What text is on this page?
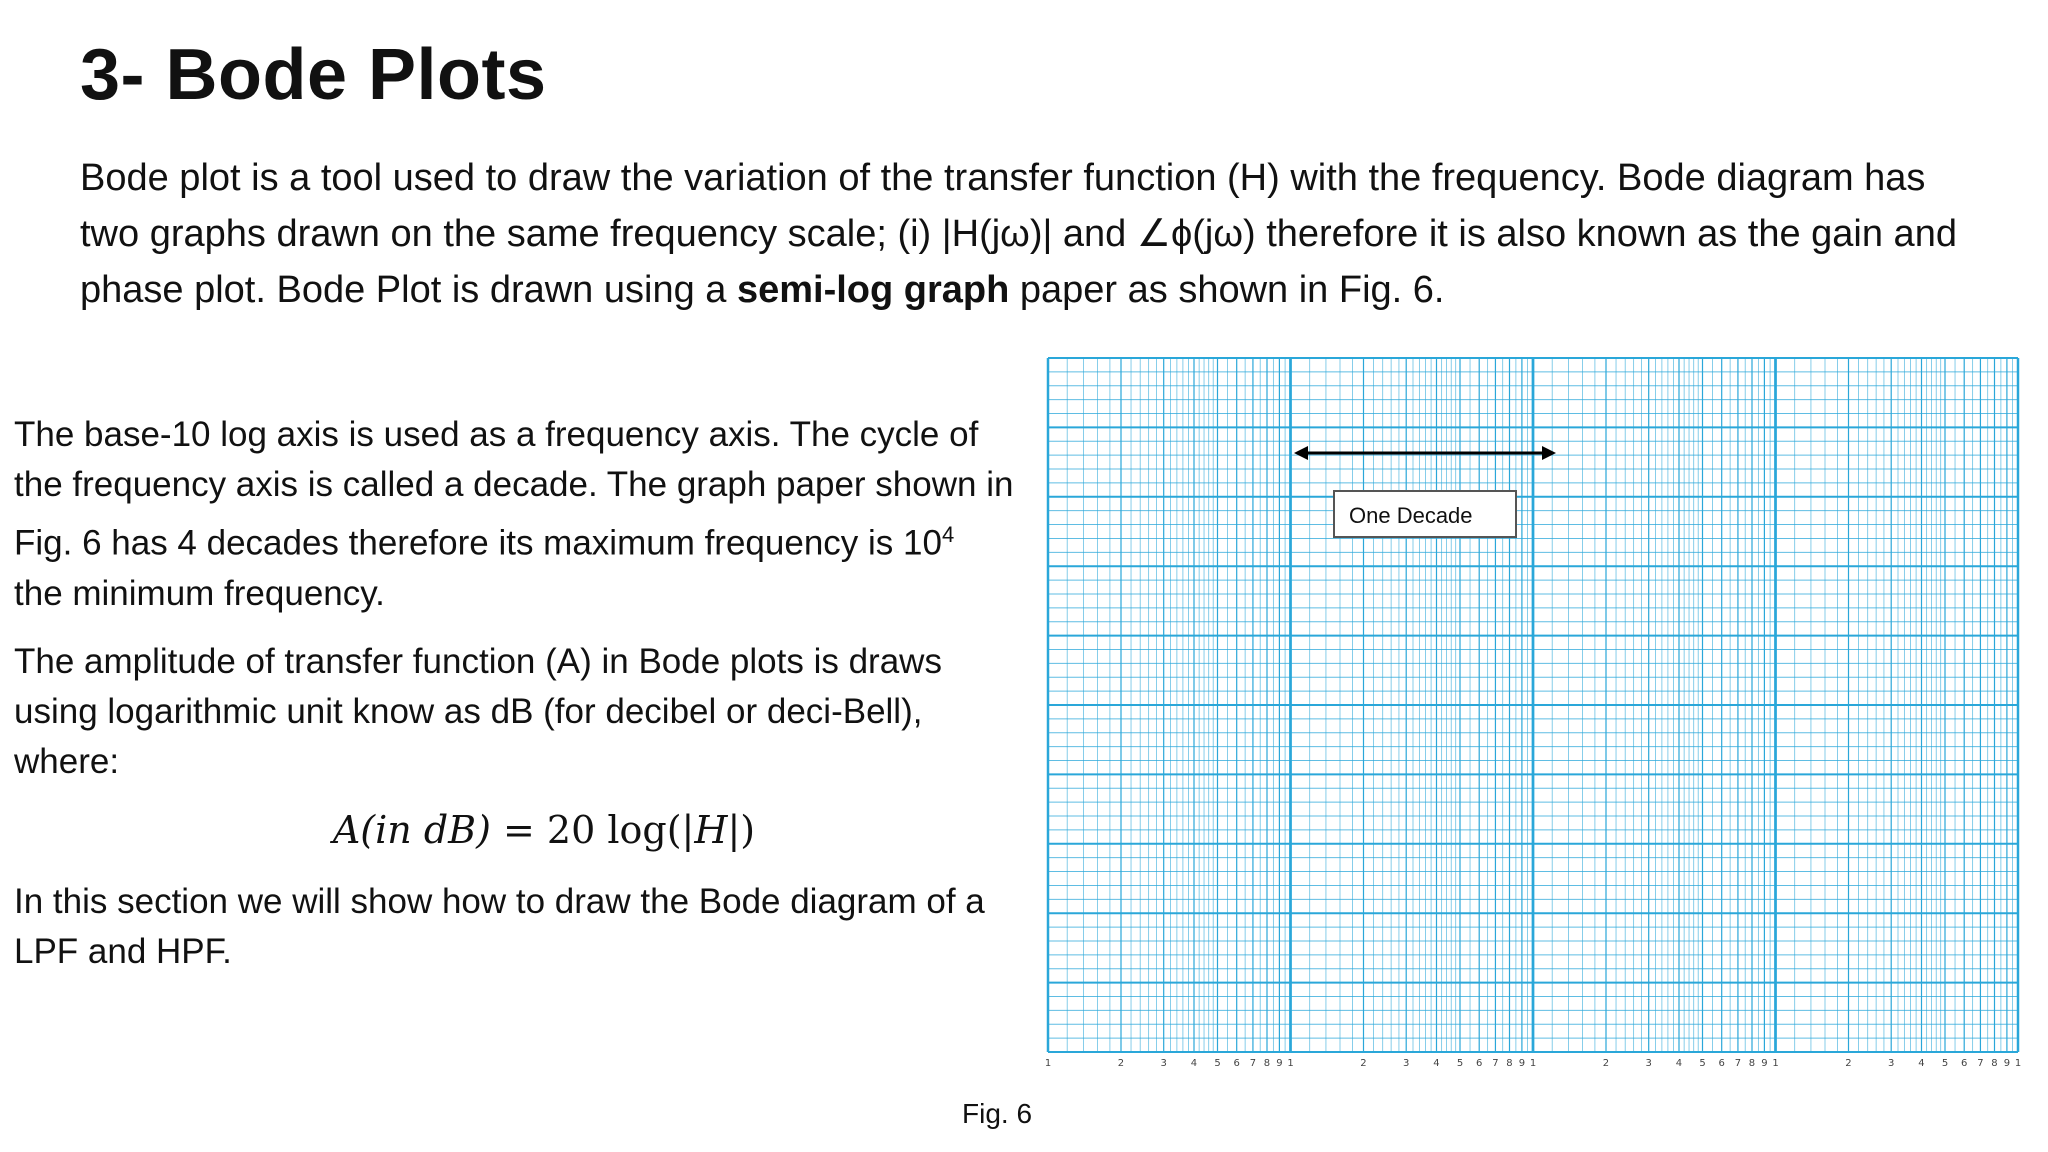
3- Bode Plots

Bode plot is a tool used to draw the variation of the transfer function (H) with the frequency. Bode diagram has two graphs drawn on the same frequency scale; (i) |H(jω)| and ∠ϕ(jω) therefore it is also known as the gain and phase plot. Bode Plot is drawn using a semi-log graph paper as shown in Fig. 6.

The base-10 log axis is used as a frequency axis. The cycle of the frequency axis is called a decade. The graph paper shown in Fig. 6 has 4 decades therefore its maximum frequency is $10^4$
the minimum frequency.

The amplitude of transfer function (A) in Bode plots is draws using logarithmic unit know as dB (for decibel or deci-Bell), where:

A(in dB) = 20 log(|H|)

In this section we will show how to draw the Bode diagram of a LPF and HPF.

1	2	3 4 5 6 7 8 9 1	2	3 4 5 6 7 8 9 1	2	3 4 5 6 7 8 9 1	2	3 4 5 6 7 8 9 1
One Decade
Fig. 6
